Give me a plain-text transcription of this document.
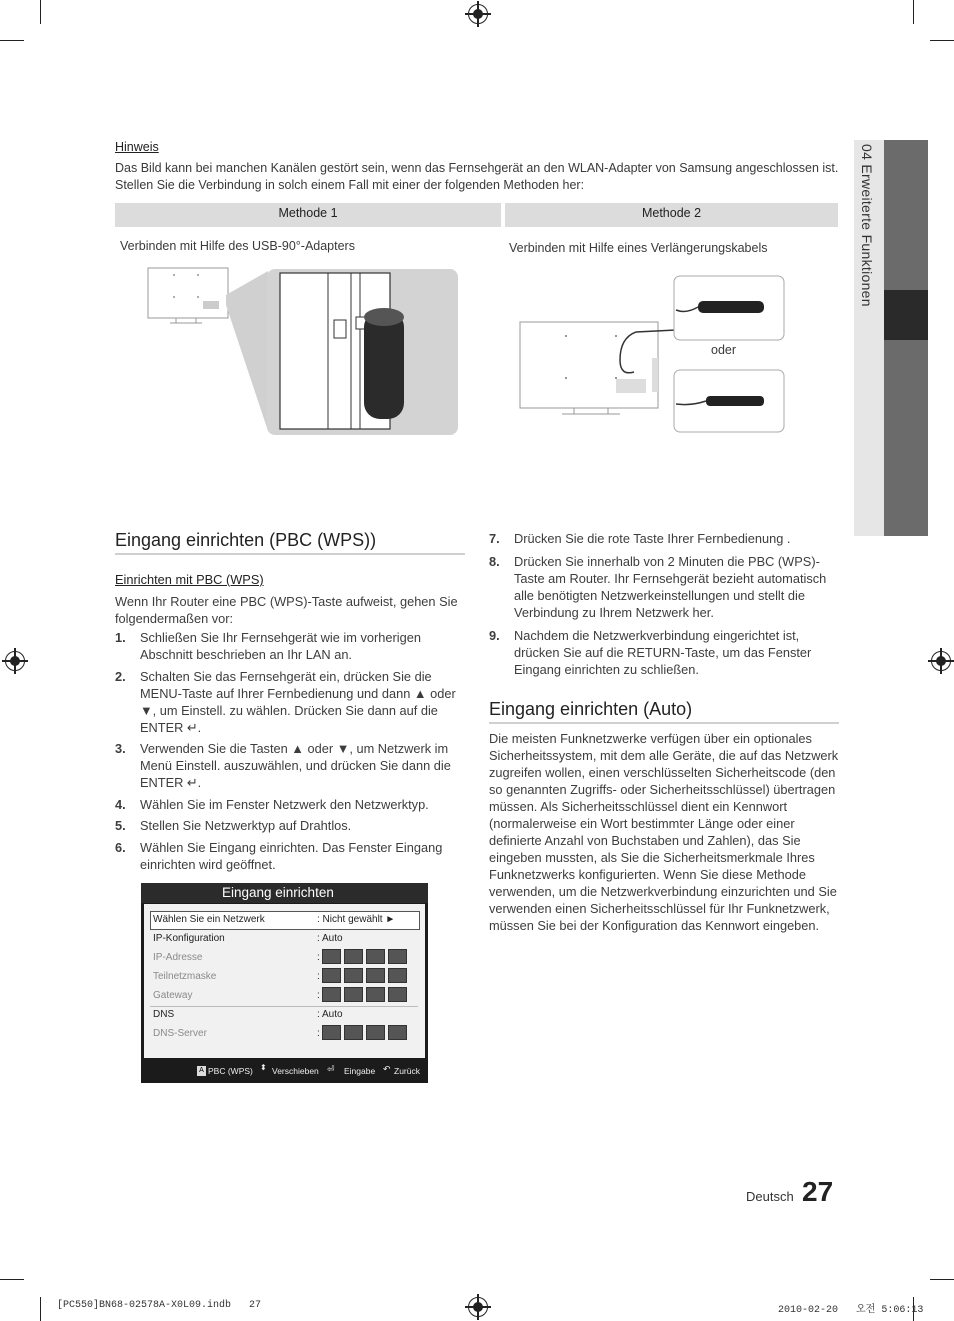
04 Erweiterte Funktionen
Hinweis
Das Bild kann bei manchen Kanälen gestört sein, wenn das Fernsehgerät an den WLAN-Adapter von Samsung angeschlossen ist. Stellen Sie die Verbindung in solch einem Fall mit einer der folgenden Methoden her:
Methode 1	Methode 2
Verbinden mit Hilfe des USB-90°-Adapters	Verbinden mit Hilfe eines Verlängerungskabels
oder
Eingang einrichten (PBC (WPS))
Einrichten mit PBC (WPS)
Wenn Ihr Router eine PBC (WPS)-Taste aufweist, gehen Sie folgendermaßen vor:
1. Schließen Sie Ihr Fernsehgerät wie im vorherigen Abschnitt beschrieben an Ihr LAN an.
2. Schalten Sie das Fernsehgerät ein, drücken Sie die MENU-Taste auf Ihrer Fernbedienung und dann ▲ oder ▼, um Einstell. zu wählen. Drücken Sie dann auf die ENTER ↵.
3. Verwenden Sie die Tasten ▲ oder ▼, um Netzwerk im Menü Einstell. auszuwählen, und drücken Sie dann die ENTER ↵.
4. Wählen Sie im Fenster Netzwerk den Netzwerktyp.
5. Stellen Sie Netzwerktyp auf Drahtlos.
6. Wählen Sie Eingang einrichten. Das Fenster Eingang einrichten wird geöffnet.
Eingang einrichten
Wählen Sie ein Netzwerk	: Nicht gewählt ►
IP-Konfiguration	: Auto
IP-Adresse	:
Teilnetzmaske	:
Gateway	:
DNS	: Auto
DNS-Server	:
A PBC (WPS) ⬍ Verschieben ⏎ Eingabe ↶ Zurück
7. Drücken Sie die rote Taste Ihrer Fernbedienung .
8. Drücken Sie innerhalb von 2 Minuten die PBC (WPS)-Taste am Router. Ihr Fernsehgerät bezieht automatisch alle benötigten Netzwerkeinstellungen und stellt die Verbindung zu Ihrem Netzwerk her.
9. Nachdem die Netzwerkverbindung eingerichtet ist, drücken Sie auf die RETURN-Taste, um das Fenster Eingang einrichten zu schließen.
Eingang einrichten (Auto)
Die meisten Funknetzwerke verfügen über ein optionales Sicherheitssystem, mit dem alle Geräte, die auf das Netzwerk zugreifen wollen, einen verschlüsselten Sicherheitscode (den so genannten Zugriffs- oder Sicherheitsschlüssel) übertragen müssen. Als Sicherheitsschlüssel dient ein Kennwort (normalerweise ein Wort bestimmter Länge oder einer definierte Anzahl von Buchstaben und Zahlen), das Sie eingeben mussten, als Sie die Sicherheitsmerkmale Ihres Funknetzwerks konfigurierten. Wenn Sie diese Methode verwenden, um die Netzwerkverbindung einzurichten und Sie verwenden einen Sicherheitsschlüssel für Ihr Funknetzwerk, müssen Sie bei der Konfiguration das Kennwort eingeben.
Deutsch 27
[PC550]BN68-02578A-X0L09.indb   27	2010-02-20   오전 5:06:13
